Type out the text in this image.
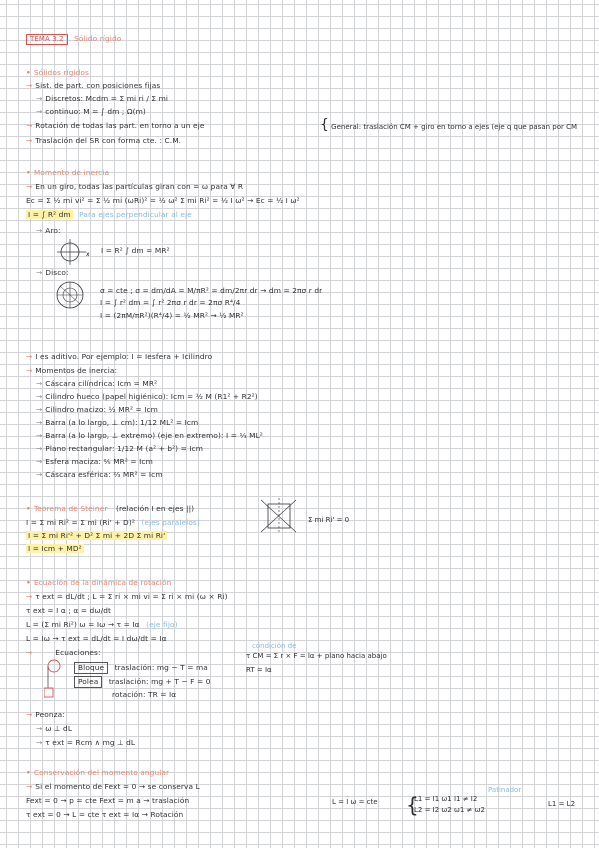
TEMA 3.2 Sólido rígido
• Sólidos rígidos
→ Sist. de part. con posiciones fijas
→ Discretos: Mcdm = Σ mi ri / Σ mi
→ continuo: M = ∫ dm ; Ω(m)
→ Rotación de todas las part. en torno a un eje	{ General: traslación CM + giro en torno a ejes (eje q que pasan por CM
→ Traslación del SR con forma cte. : C.M.
• Momento de inercia
→ En un giro, todas las partículas giran con = ω para ∀ R
Ec = Σ ½ mi vi² = Σ ½ mi (ωRi)² = ½ ω² Σ mi Ri² = ½ I ω² → Ec = ½ I ω²
I = ∫ R² dm Para ejes perpendicular al eje
→ Aro:
x I = R² ∫ dm = MR²
→ Disco:
σ = cte ; σ = dm/dA = M/πR² = dm/2πr dr → dm = 2πσ r dr
I = ∫ r² dm = ∫ r² 2πσ r dr = 2πσ R⁴/4
I = (2πM/πR²)(R⁴/4) = ½ MR² → ½ MR²
→ I es aditivo. Por ejemplo: I = Iesfera + Icilindro
→ Momentos de inercia:
→ Cáscara cilíndrica: Icm = MR²
→ Cilindro hueco (papel higiénico): Icm = ½ M (R1² + R2²)
→ Cilindro macizo: ½ MR² = Icm
→ Barra (a lo largo, ⊥ cm): 1/12 ML² = Icm
→ Barra (a lo largo, ⊥ extremo) (eje en extremo): I = ⅓ ML²
→ Plano rectangular: 1/12 M (a² + b²) = Icm
→ Esfera maciza: ⅖ MR² = Icm
→ Cáscara esférica: ⅔ MR² = Icm
• Teorema de Steiner (relación I en ejes ||)
I = Σ mi Ri² = Σ mi (Ri' + D)² (ejes paralelos)
I = Σ mi Ri'² + D² Σ mi + 2D Σ mi Ri'
I = Icm + MD²
Σ mi Ri' = 0
• Ecuación de la dinámica de rotación
→ τ ext = dL/dt ; L = Σ ri × mi vi = Σ ri × mi (ω × Ri)
τ ext = I α ; α = dω/dt
L = (Σ mi Ri²) ω = Iω → τ = Iα (eje fijo)
L = Iω → τ ext = dL/dt = I dω/dt = Iα
→	Ecuaciones:
condición de
τ CM = Σ r × F = Iα + plano hacia abajo
RT = Iα
Bloque traslación: mg − T = ma
Polea traslación: mg + T − F = 0
rotación: TR = Iα
→ Peonza:
→ ω ⊥ dL
→ τ ext = Rcm ∧ mg ⊥ dL
• Conservación del momento angular
→ Si el momento de Fext = 0 → se conserva L
Fext = 0 → p = cte Fext = m a → traslación
τ ext = 0 → L = cte τ ext = Iα → Rotación
Patinador
L = I ω = cte {
L1 = I1 ω1 I1 ≠ I2
L2 = I2 ω2 ω1 ≠ ω2
L1 = L2
